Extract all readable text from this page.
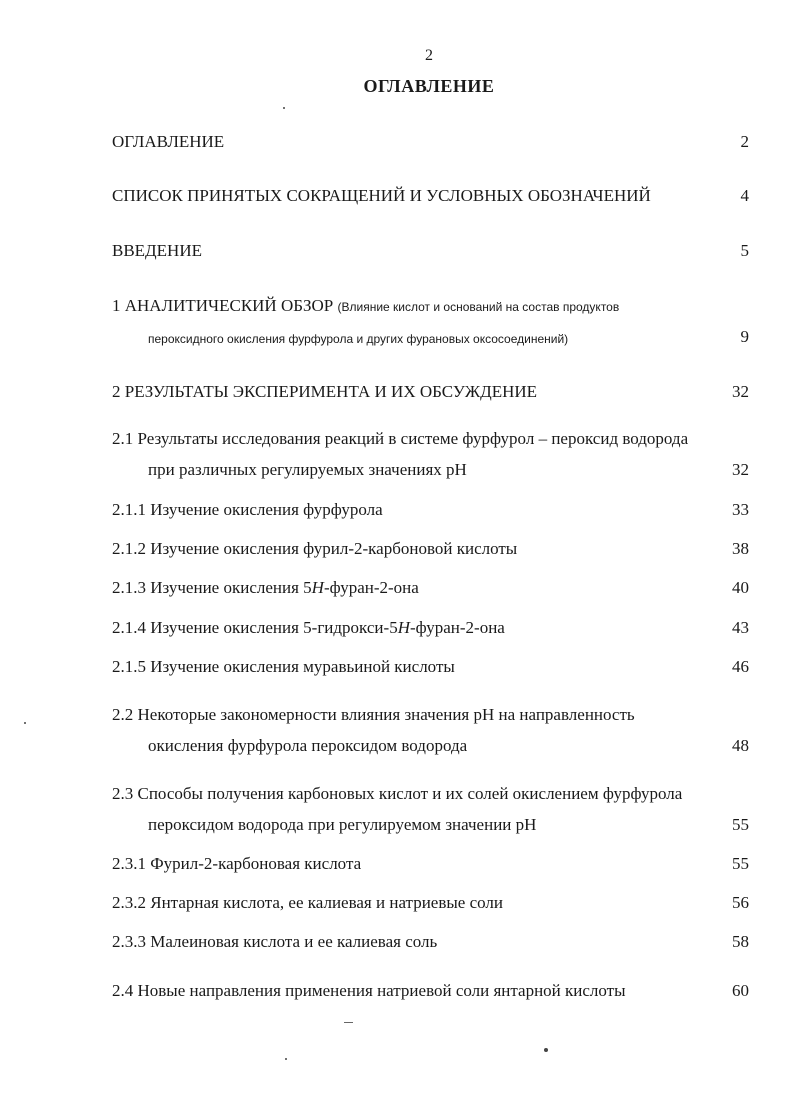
2
ОГЛАВЛЕНИЕ
ОГЛАВЛЕНИЕ	2
СПИСОК ПРИНЯТЫХ СОКРАЩЕНИЙ И УСЛОВНЫХ ОБОЗНАЧЕНИЙ	4
ВВЕДЕНИЕ	5
1 АНАЛИТИЧЕСКИЙ ОБЗОР (Влияние кислот и оснований на состав продуктов
пероксидного окисления фурфурола и других фурановых оксосоединений)	9
2 РЕЗУЛЬТАТЫ ЭКСПЕРИМЕНТА И ИХ ОБСУЖДЕНИЕ	32
2.1 Результаты исследования реакций в системе фурфурол – пероксид водорода
при различных регулируемых значениях pH	32
2.1.1 Изучение окисления фурфурола	33
2.1.2 Изучение окисления фурил-2-карбоновой кислоты	38
2.1.3 Изучение окисления 5H-фуран-2-она	40
2.1.4 Изучение окисления 5-гидрокси-5H-фуран-2-она	43
2.1.5 Изучение окисления муравьиной кислоты	46
2.2 Некоторые закономерности влияния значения pH на направленность
окисления фурфурола пероксидом водорода	48
2.3 Способы получения карбоновых кислот и их солей окислением фурфурола
пероксидом водорода при регулируемом значении pH	55
2.3.1 Фурил-2-карбоновая кислота	55
2.3.2 Янтарная кислота, ее калиевая и натриевые соли	56
2.3.3 Малеиновая кислота и ее калиевая соль	58
2.4 Новые направления применения натриевой соли янтарной кислоты	60
